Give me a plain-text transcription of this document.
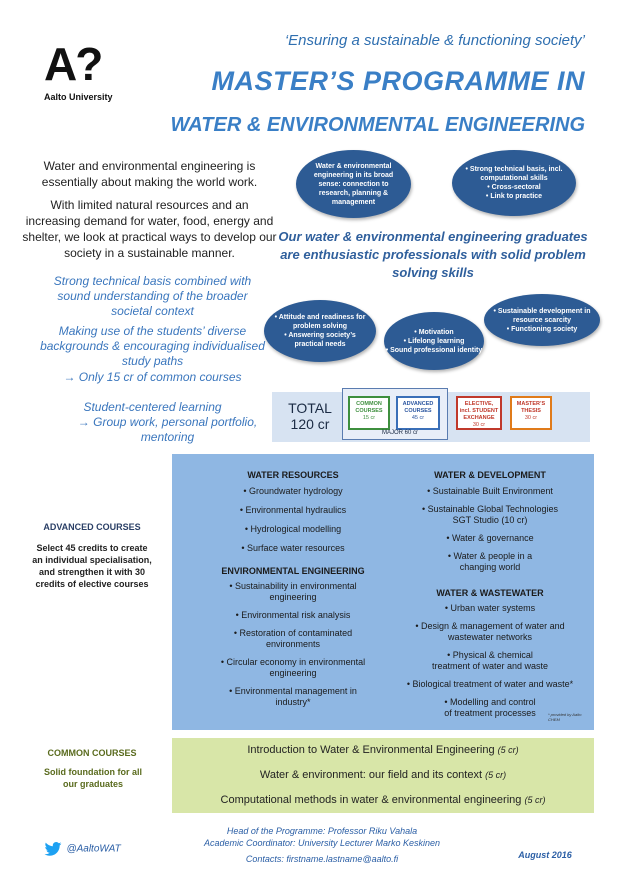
A?
Aalto University
‘Ensuring a sustainable & functioning society’
MASTER’S PROGRAMME IN
WATER & ENVIRONMENTAL ENGINEERING
Water and environmental engineering is essentially about making the world work.
With limited natural resources and an increasing demand for water, food, energy and shelter, we look at practical ways to develop our society in a sustainable manner.
Strong technical basis combined with sound understanding of the broader societal context
Making use of the students’ diverse backgrounds & encouraging individualised study paths
→ Only 15 cr of common courses
Student-centered learning
→ Group work, personal portfolio, mentoring
Water & environmental engineering in its broad sense: connection to research, planning & management
• Strong technical basis, incl. computational skills
• Cross-sectoral
• Link to practice
• Attitude and readiness for problem solving
• Answering society’s practical needs
• Motivation
• Lifelong learning
• Sound professional identity
• Sustainable development in resource scarcity
• Functioning society
Our water & environmental engineering graduates are enthusiastic professionals with solid problem solving skills
TOTAL
120 cr
COMMON
COURSES
15 cr
ADVANCED
COURSES
45 cr
MAJOR 60 cr
ELECTIVE,
incl. STUDENT EXCHANGE
30 cr
MASTER’S
THESIS
30 cr
ADVANCED COURSES
Select 45 credits to create an individual specialisation, and strengthen it with 30 credits of elective courses
WATER RESOURCES
• Groundwater hydrology
• Environmental hydraulics
• Hydrological modelling
• Surface water resources
ENVIRONMENTAL ENGINEERING
• Sustainability in environmental engineering
• Environmental risk analysis
• Restoration of contaminated environments
• Circular economy in environmental engineering
• Environmental management in industry*
WATER & DEVELOPMENT
• Sustainable Built Environment
• Sustainable Global Technologies SGT Studio (10 cr)
• Water & governance
• Water & people in a changing world
WATER & WASTEWATER
• Urban water systems
• Design & management of water and wastewater networks
• Physical & chemical treatment of water and waste
• Biological treatment of water and waste*
• Modelling and control of treatment processes	* provided by Aalto CHEM
COMMON COURSES
Solid foundation for all our graduates
Introduction to Water & Environmental Engineering (5 cr)
Water & environment: our field and its context (5 cr)
Computational methods in water & environmental engineering (5 cr)
@AaltoWAT
Head of the Programme: Professor Riku Vahala
Academic Coordinator: University Lecturer Marko Keskinen
Contacts: firstname.lastname@aalto.fi	August 2016
